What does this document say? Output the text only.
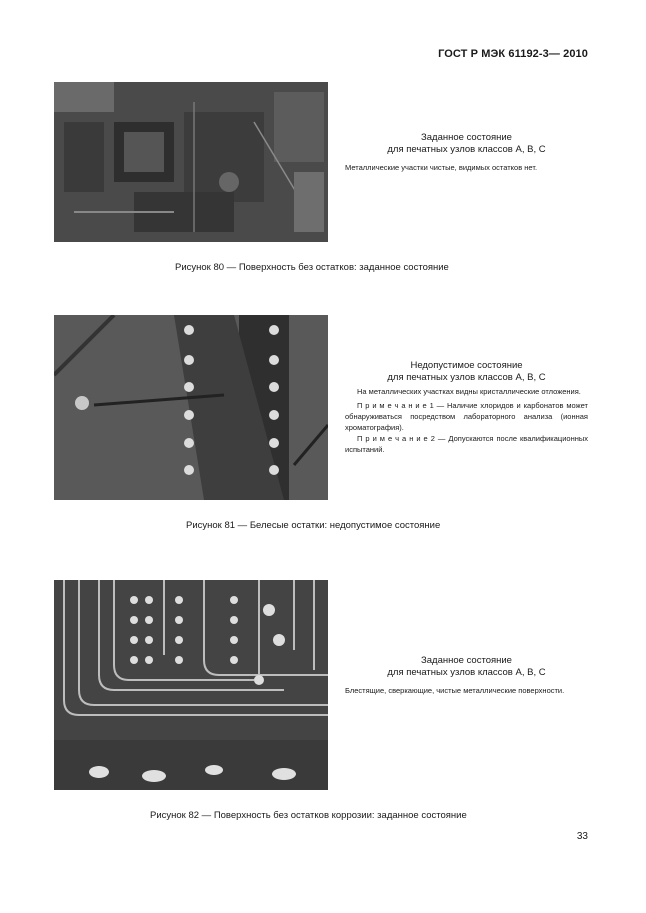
ГОСТ Р МЭК 61192-3— 2010
Заданное состояние
для печатных узлов классов А, В, С
Металлические участки чистые, видимых остатков нет.
Рисунок 80 — Поверхность без остатков: заданное состояние
Недопустимое состояние
для печатных узлов классов А, В, С
На металлических участках видны кристаллические отложения.
П р и м е ч а н и е 1 — Наличие хлоридов и карбонатов может обнаруживаться посредством лабораторного анализа (ионная хроматография).
П р и м е ч а н и е 2 — Допускаются после квалификационных испытаний.
Рисунок 81 — Белесые остатки: недопустимое состояние
Заданное состояние
для печатных узлов классов А, В, С
Блестящие, сверкающие, чистые металлические поверхности.
Рисунок 82 — Поверхность без остатков коррозии: заданное состояние
33
